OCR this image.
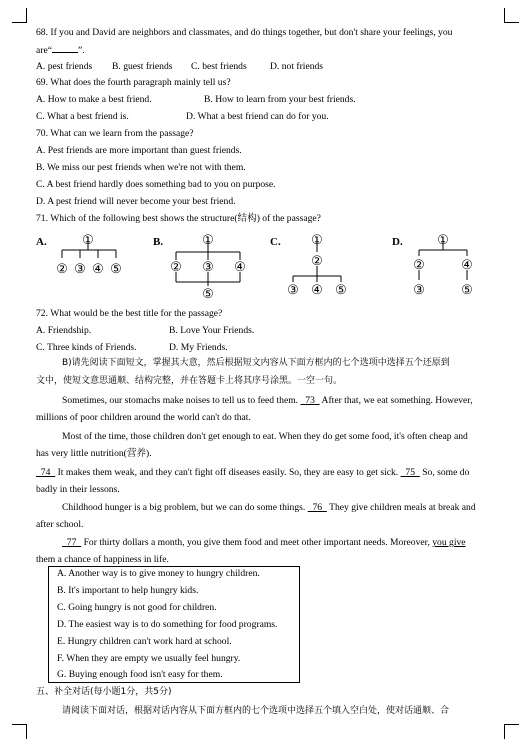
68. If you and David are neighbors and classmates, and do things together, but don't share your feelings, you
are“	”.
A. pest friends B. guest friends C. best friends D. not friends
69. What does the fourth paragraph mainly tell us?
A. How to make a best friend.	B. How to learn from your best friends.
C. What a best friend is.	D. What a best friend can do for you.
70. What can we learn from the passage?
A. Pest friends are more important than guest friends.
B. We miss our pest friends when we're not with them.
C. A best friend hardly does something bad to you on purpose.
D. A pest friend will never become your best friend.
71. Which of the following best shows the structure(结构) of the passage?
A.	①
② ③ ④ ⑤
B.	①
② ③ ④
⑤
C. ①
②
③ ④ ⑤
D.	①
②	④
③	⑤
72. What would be the best title for the passage?
A. Friendship.	B. Love Your Friends.
C. Three kinds of Friends.	D. My Friends.
B)请先阅读下面短文，掌握其大意，然后根据短文内容从下面方框内的七个选项中选择五个还原到
文中，使短文意思通顺、结构完整，并在答题卡上将其序号涂黑。一空一句。
Sometimes, our stomachs make noises to tell us to feed them. 73 After that, we eat something. However,
millions of poor children around the world can't do that.
Most of the time, those children don't get enough to eat. When they do get some food, it's often cheap and
has very little nutrition(营养).
74 It makes them weak, and they can't fight off diseases easily. So, they are easy to get sick. 75 So, some do
badly in their lessons.
Childhood hunger is a big problem, but we can do some things. 76 They give children meals at break and
after school.
77 For thirty dollars a month, you give them food and meet other important needs. Moreover, you give
them a chance of happiness in life.
A. Another way is to give money to hungry children.
B. It's important to help hungry kids.
C. Going hungry is not good for children.
D. The easiest way is to do something for food programs.
E. Hungry children can't work hard at school.
F. When they are empty we usually feel hungry.
G. Buying enough food isn't easy for them.
五、补全对话(每小题1分，共5分)
请阅读下面对话，根据对话内容从下面方框内的七个选项中选择五个填入空白处，使对话通顺、合
